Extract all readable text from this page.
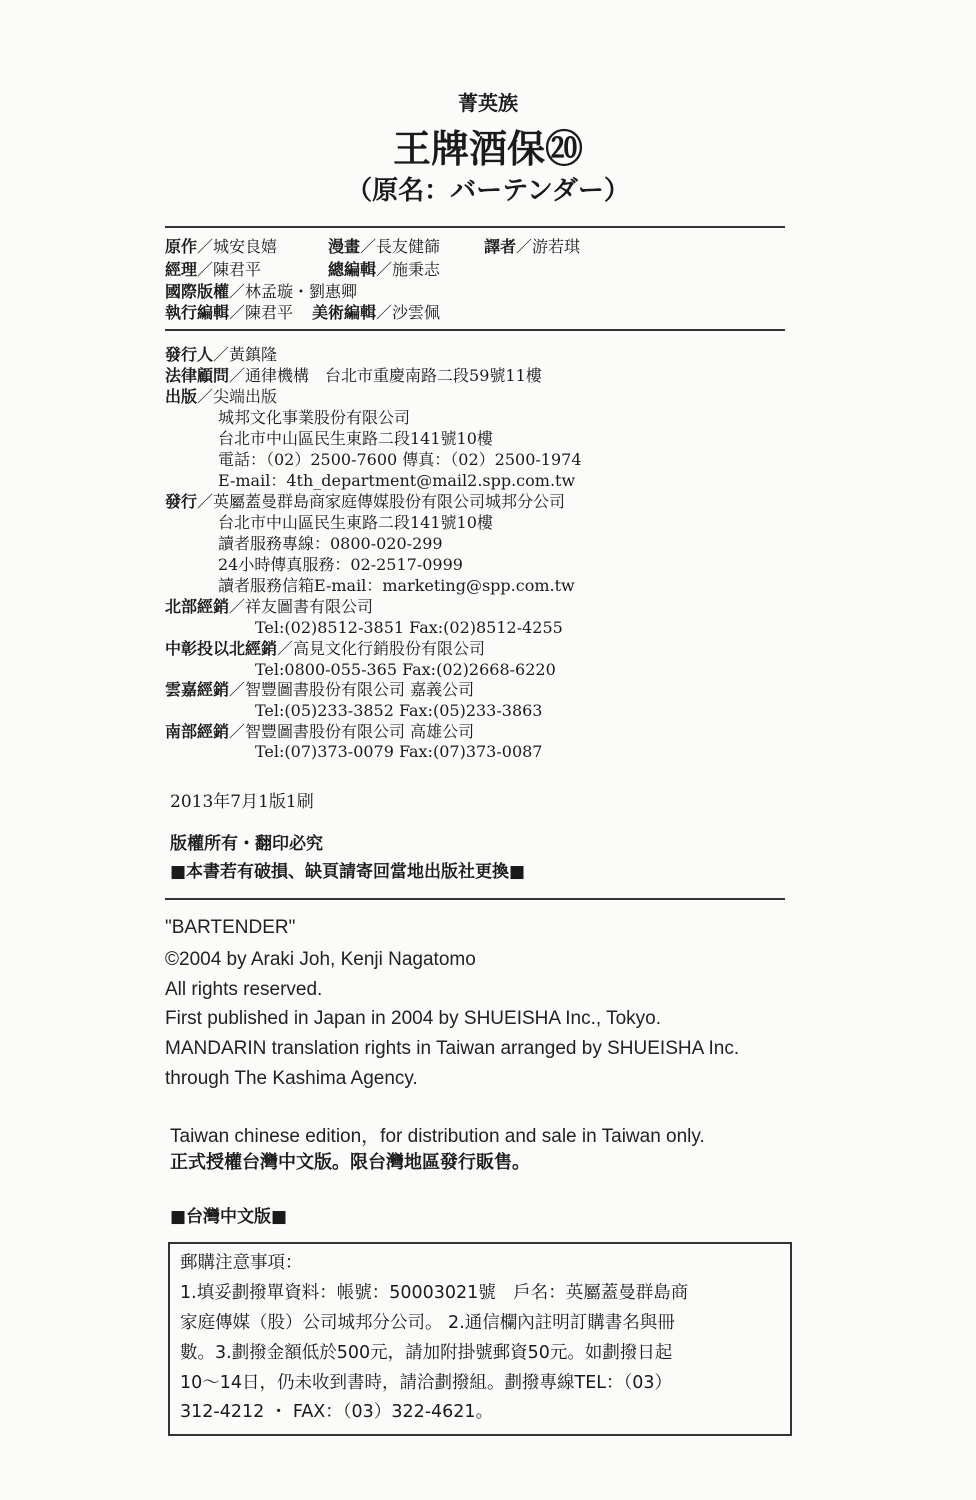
菁英族
王牌酒保⑳
（原名：バーテンダー）
原作／城安良嬉	漫畫／長友健篩	譯者／游若琪
經理／陳君平	總編輯／施秉志
國際版權／林孟璇・劉惠卿
執行編輯／陳君平 美術編輯／沙雲佩
發行人／黃鎮隆
法律顧問／通律機構　台北市重慶南路二段59號11樓
出版／尖端出版
城邦文化事業股份有限公司
台北市中山區民生東路二段141號10樓
電話：（02）2500-7600 傳真：（02）2500-1974
E-mail：4th_department@mail2.spp.com.tw
發行／英屬蓋曼群島商家庭傳媒股份有限公司城邦分公司
台北市中山區民生東路二段141號10樓
讀者服務專線：0800-020-299
24小時傳真服務：02-2517-0999
讀者服務信箱E-mail：marketing@spp.com.tw
北部經銷／祥友圖書有限公司
Tel:(02)8512-3851 Fax:(02)8512-4255
中彰投以北經銷／高見文化行銷股份有限公司
Tel:0800-055-365 Fax:(02)2668-6220
雲嘉經銷／智豐圖書股份有限公司 嘉義公司
Tel:(05)233-3852 Fax:(05)233-3863
南部經銷／智豐圖書股份有限公司 高雄公司
Tel:(07)373-0079 Fax:(07)373-0087
2013年7月1版1刷
版權所有・翻印必究
■本書若有破損、缺頁請寄回當地出版社更換■
"BARTENDER"
©2004 by Araki Joh, Kenji Nagatomo
All rights reserved.
First published in Japan in 2004 by SHUEISHA Inc., Tokyo.
MANDARIN translation rights in Taiwan arranged by SHUEISHA Inc.
through The Kashima Agency.
Taiwan chinese edition，for distribution and sale in Taiwan only.
正式授權台灣中文版。限台灣地區發行販售。
■台灣中文版■
郵購注意事項：
1.填妥劃撥單資料：帳號：50003021號　戶名：英屬蓋曼群島商
家庭傳媒（股）公司城邦分公司。 2.通信欄內註明訂購書名與冊
數。3.劃撥金額低於500元，請加附掛號郵資50元。如劃撥日起
10～14日，仍未收到書時，請洽劃撥組。劃撥專線TEL：（03）
312-4212 ・ FAX：（03）322-4621。
